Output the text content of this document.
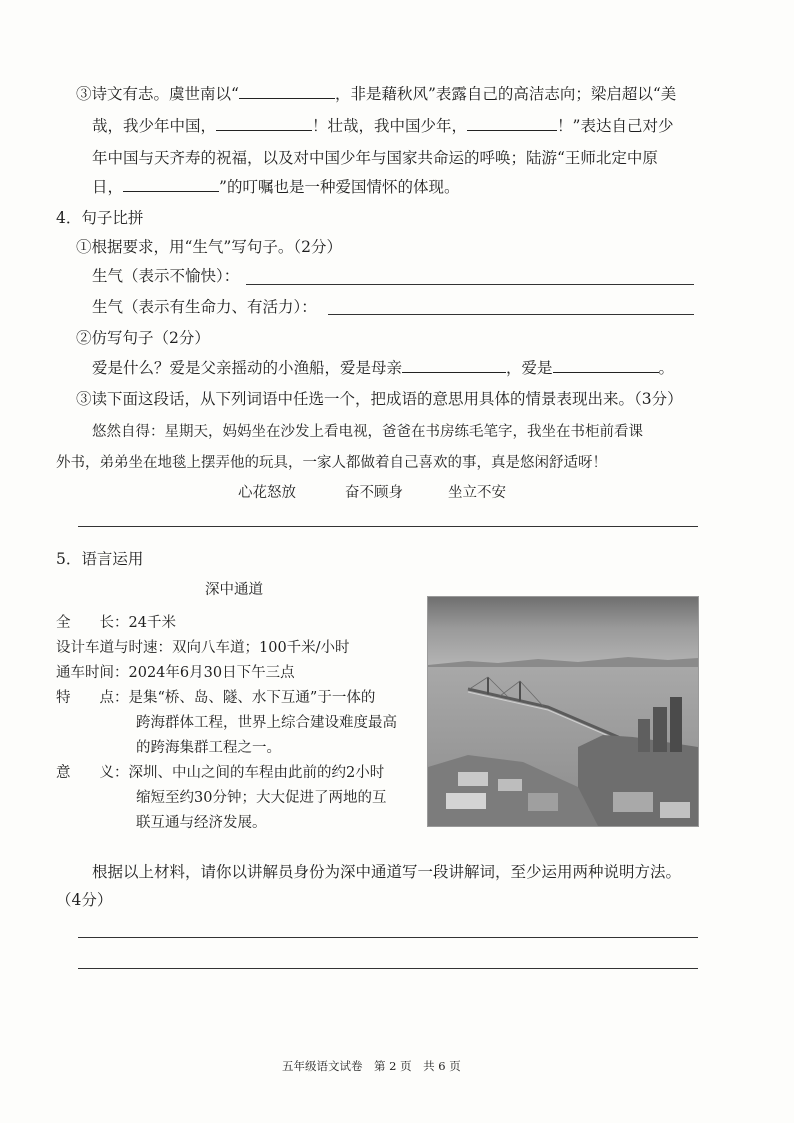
③诗文有志。虞世南以“	，非是藉秋风”表露自己的高洁志向；梁启超以“美
哉，我少年中国，	！壮哉，我中国少年，	！”表达自己对少
年中国与天齐寿的祝福，以及对中国少年与国家共命运的呼唤；陆游“王师北定中原
日，	”的叮嘱也是一种爱国情怀的体现。
4．句子比拼
①根据要求，用“生气”写句子。（2分）
生气（表示不愉快）：
生气（表示有生命力、有活力）：
②仿写句子（2分）
爱是什么？爱是父亲摇动的小渔船，爱是母亲	，爱是	。
③读下面这段话，从下列词语中任选一个，把成语的意思用具体的情景表现出来。（3分）
悠然自得：星期天，妈妈坐在沙发上看电视，爸爸在书房练毛笔字，我坐在书柜前看课
外书，弟弟坐在地毯上摆弄他的玩具，一家人都做着自己喜欢的事，真是悠闲舒适呀！
心花怒放	奋不顾身	坐立不安
5．语言运用
深中通道
全　　长：24千米
设计车道与时速：双向八车道；100千米/小时
通车时间：2024年6月30日下午三点
特　　点：是集“桥、岛、隧、水下互通”于一体的
跨海群体工程，世界上综合建设难度最高
的跨海集群工程之一。
意　　义：深圳、中山之间的车程由此前的约2小时
缩短至约30分钟；大大促进了两地的互
联互通与经济发展。
根据以上材料，请你以讲解员身份为深中通道写一段讲解词，至少运用两种说明方法。
（4分）
五年级语文试卷　第 2 页　共 6 页
